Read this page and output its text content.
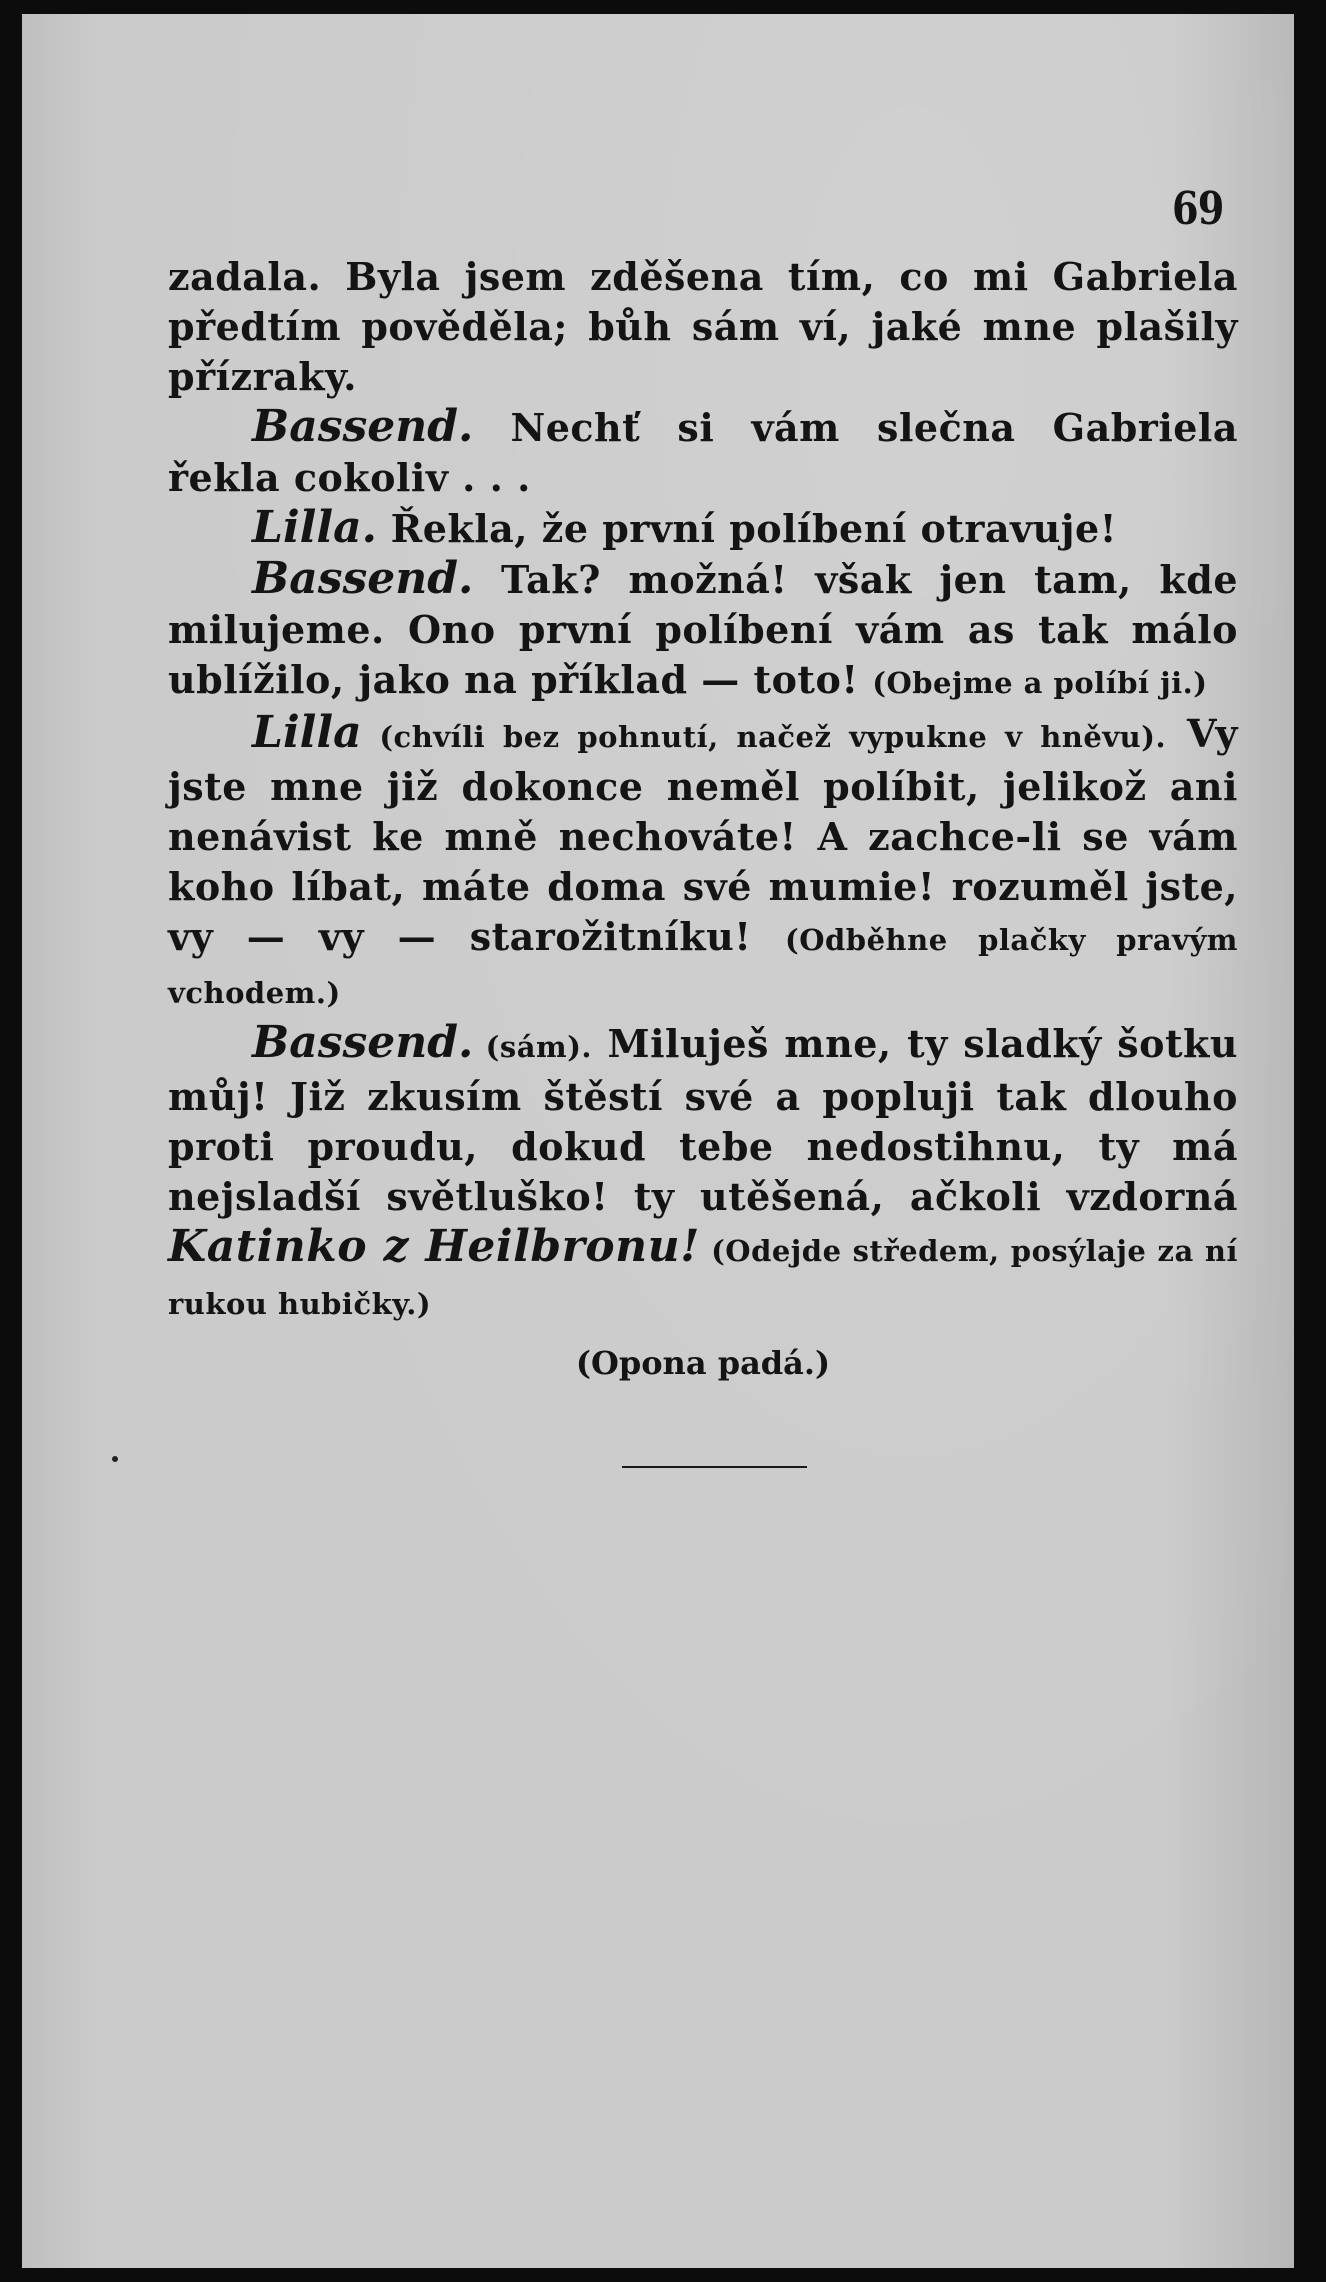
69

zadala. Byla jsem zděšena tím, co mi Gabriela předtím pověděla; bůh sám ví, jaké mne plašily přízraky.

Bassend. Nechť si vám slečna Gabriela řekla cokoliv . . .

Lilla. Řekla, že první políbení otravuje!

Bassend. Tak? možná! však jen tam, kde milujeme. Ono první políbení vám as tak málo ublížilo, jako na příklad — toto! (Obejme a políbí ji.)

Lilla (chvíli bez pohnutí, načež vypukne v hněvu). Vy jste mne již dokonce neměl políbit, jelikož ani nenávist ke mně nechováte! A zachce-li se vám koho líbat, máte doma své mumie! rozuměl jste, vy — vy — starožitníku! (Odběhne plačky pravým vchodem.)

Bassend. (sám). Miluješ mne, ty sladký šotku můj! Již zkusím štěstí své a popluji tak dlouho proti proudu, dokud tebe nedostihnu, ty má nejsladší světluško! ty utěšená, ačkoli vzdorná Katinko z Heilbronu! (Odejde středem, posýlaje za ní rukou hubičky.)

(Opona padá.)
